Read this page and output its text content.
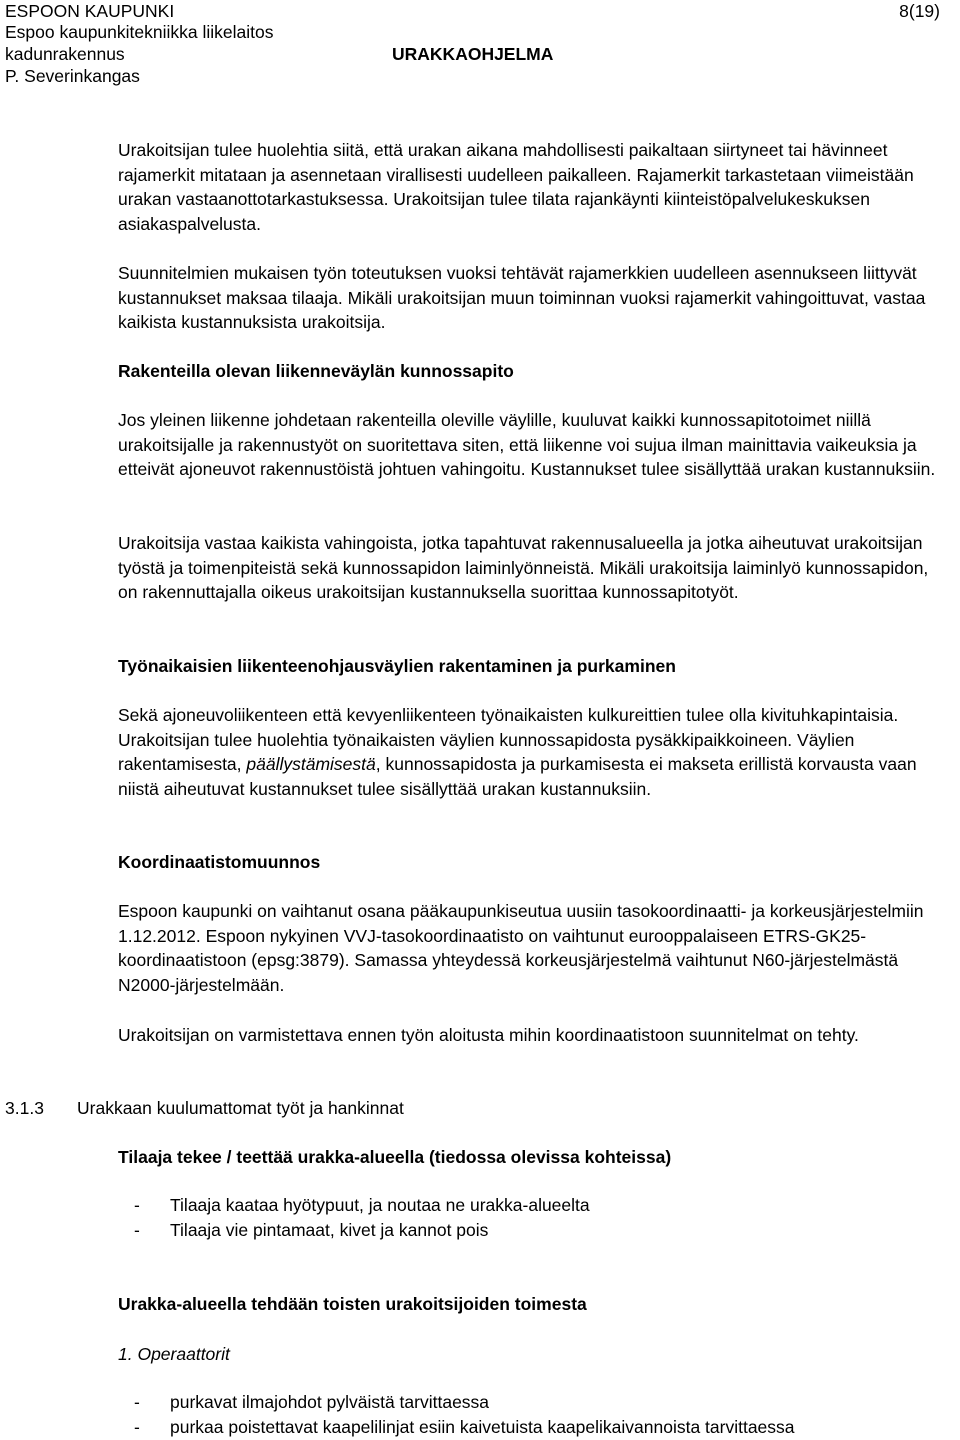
ESPOON KAUPUNKI	8(19)
Espoo kaupunkitekniikka liikelaitos
kadunrakennus	URAKKAOHJELMA
P. Severinkangas

Urakoitsijan tulee huolehtia siitä, että urakan aikana mahdollisesti paikaltaan siirtyneet tai hävinneet rajamerkit mitataan ja asennetaan virallisesti uudelleen paikalleen. Rajamerkit tarkastetaan viimeistään urakan vastaanottotarkastuksessa. Urakoitsijan tulee tilata rajankäynti kiinteistöpalvelukeskuksen asiakaspalvelusta.

Suunnitelmien mukaisen työn toteutuksen vuoksi tehtävät rajamerkkien uudelleen asennukseen liittyvät kustannukset maksaa tilaaja. Mikäli urakoitsijan muun toiminnan vuoksi rajamerkit vahingoittuvat, vastaa kaikista kustannuksista urakoitsija.

Rakenteilla olevan liikenneväylän kunnossapito

Jos yleinen liikenne johdetaan rakenteilla oleville väylille, kuuluvat kaikki kunnossapitotoimet niillä urakoitsijalle ja rakennustyöt on suoritettava siten, että liikenne voi sujua ilman mainittavia vaikeuksia ja etteivät ajoneuvot rakennustöistä johtuen vahingoitu. Kustannukset tulee sisällyttää urakan kustannuksiin.

Urakoitsija vastaa kaikista vahingoista, jotka tapahtuvat rakennusalueella ja jotka aiheutuvat urakoitsijan työstä ja toimenpiteistä sekä kunnossapidon laiminlyönneistä. Mikäli urakoitsija laiminlyö kunnossapidon, on rakennuttajalla oikeus urakoitsijan kustannuksella suorittaa kunnossapitotyöt.

Työnaikaisien liikenteenohjausväylien rakentaminen ja purkaminen

Sekä ajoneuvoliikenteen että kevyenliikenteen työnaikaisten kulkureittien tulee olla kivituhkapintaisia. Urakoitsijan tulee huolehtia työnaikaisten väylien kunnossapidosta pysäkkipaikkoineen. Väylien rakentamisesta, päällystämisestä, kunnossapidosta ja purkamisesta ei makseta erillistä korvausta vaan niistä aiheutuvat kustannukset tulee sisällyttää urakan kustannuksiin.

Koordinaatistomuunnos

Espoon kaupunki on vaihtanut osana pääkaupunkiseutua uusiin tasokoordinaatti- ja korkeusjärjestelmiin 1.12.2012. Espoon nykyinen VVJ-tasokoordinaatisto on vaihtunut eurooppalaiseen ETRS-GK25-koordinaatistoon (epsg:3879). Samassa yhteydessä korkeusjärjestelmä vaihtunut N60-järjestelmästä N2000-järjestelmään.

Urakoitsijan on varmistettava ennen työn aloitusta mihin koordinaatistoon suunnitelmat on tehty.

3.1.3 Urakkaan kuulumattomat työt ja hankinnat

Tilaaja tekee / teettää urakka-alueella (tiedossa olevissa kohteissa)

- Tilaaja kaataa hyötypuut, ja noutaa ne urakka-alueelta
- Tilaaja vie pintamaat, kivet ja kannot pois

Urakka-alueella tehdään toisten urakoitsijoiden toimesta

1. Operaattorit

- purkavat ilmajohdot pylväistä tarvittaessa
- purkaa poistettavat kaapelilinjat esiin kaivetuista kaapelikaivannoista tarvittaessa
